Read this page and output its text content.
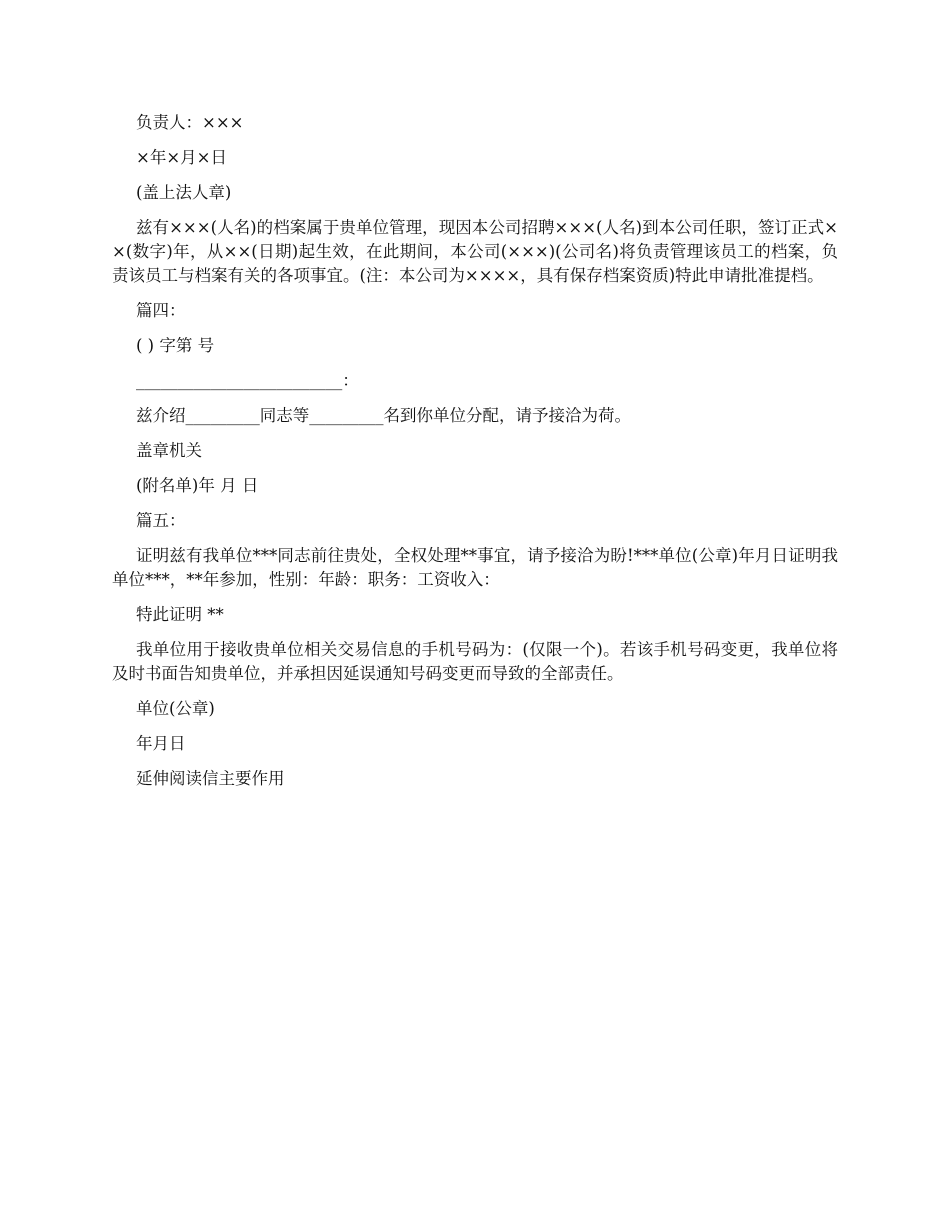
负责人：×××

×年×月×日

(盖上法人章)

兹有×××(人名)的档案属于贵单位管理，现因本公司招聘×××(人名)到本公司任职，签订正式××(数字)年，从××(日期)起生效，在此期间，本公司(×××)(公司名)将负责管理该员工的档案，负责该员工与档案有关的各项事宜。(注：本公司为××××，具有保存档案资质)特此申请批准提档。

篇四：

( ) 字第 号

_________________________：

兹介绍_________同志等_________名到你单位分配，请予接洽为荷。

盖章机关

(附名单)年 月 日

篇五：

证明兹有我单位***同志前往贵处，全权处理**事宜，请予接洽为盼!***单位(公章)年月日证明我单位***，**年参加，性别：年龄：职务：工资收入：

特此证明 **

我单位用于接收贵单位相关交易信息的手机号码为：(仅限一个)。若该手机号码变更，我单位将及时书面告知贵单位，并承担因延误通知号码变更而导致的全部责任。

单位(公章)

年月日

延伸阅读信主要作用
